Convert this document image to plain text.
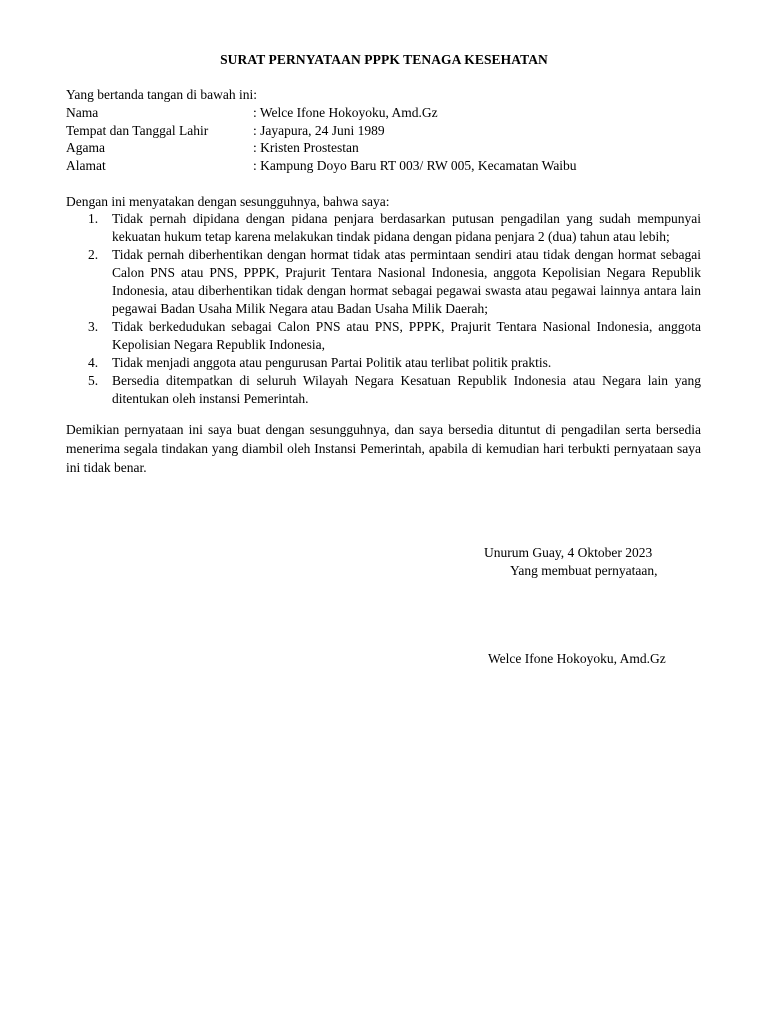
SURAT PERNYATAAN PPPK TENAGA KESEHATAN
Yang bertanda tangan di bawah ini:
Nama	: Welce Ifone Hokoyoku, Amd.Gz
Tempat dan Tanggal Lahir	: Jayapura, 24 Juni 1989
Agama	: Kristen Prostestan
Alamat	: Kampung Doyo Baru RT 003/ RW 005, Kecamatan Waibu
Dengan ini menyatakan dengan sesungguhnya, bahwa saya:
1.	Tidak pernah dipidana dengan pidana penjara berdasarkan putusan pengadilan yang sudah mempunyai kekuatan hukum tetap karena melakukan tindak pidana dengan pidana penjara 2 (dua) tahun atau lebih;
2.	Tidak pernah diberhentikan dengan hormat tidak atas permintaan sendiri atau tidak dengan hormat sebagai Calon PNS atau PNS, PPPK, Prajurit Tentara Nasional Indonesia, anggota Kepolisian Negara Republik Indonesia, atau diberhentikan tidak dengan hormat sebagai pegawai swasta atau pegawai lainnya antara lain pegawai Badan Usaha Milik Negara atau Badan Usaha Milik Daerah;
3.	Tidak berkedudukan sebagai Calon PNS atau PNS, PPPK, Prajurit Tentara Nasional Indonesia, anggota Kepolisian Negara Republik Indonesia,
4.	Tidak menjadi anggota atau pengurusan Partai Politik atau terlibat politik praktis.
5.	Bersedia ditempatkan di seluruh Wilayah Negara Kesatuan Republik Indonesia atau Negara lain yang ditentukan oleh instansi Pemerintah.
Demikian pernyataan ini saya buat dengan sesungguhnya, dan saya bersedia dituntut di pengadilan serta bersedia menerima segala tindakan yang diambil oleh Instansi Pemerintah, apabila di kemudian hari terbukti pernyataan saya ini tidak benar.
Unurum Guay, 4 Oktober 2023
Yang membuat pernyataan,
Welce Ifone Hokoyoku, Amd.Gz
